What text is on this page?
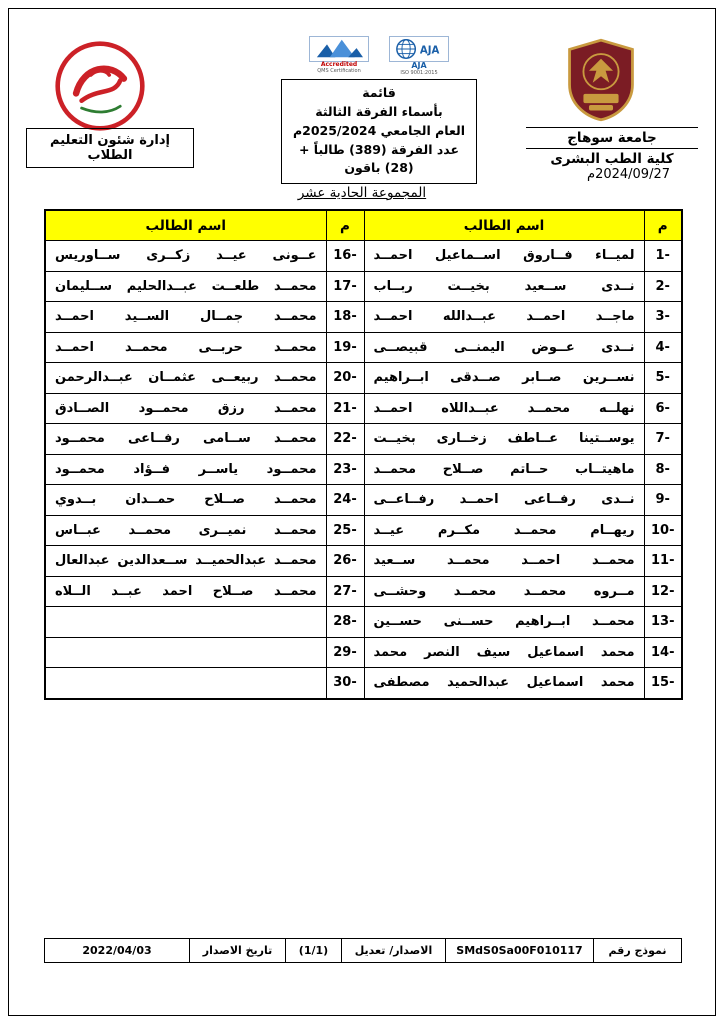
إدارة شئون التعليم الطلاب
Accredited
QMS Certification
AJA
AJA
ISO 9001:2015
قائمة
بأسماء الفرقة الثالثة
العام الجامعي 2025/2024م
عدد الفرقة (389) طالباً +(28) باقون
جامعة سوهاج
كلية الطب البشرى
2024/09/27م
المجموعة الحادية عشر
م	اسم الطالب	م	اسم الطالب
1-	لميــاء فــاروق اســماعيل احمــد	16-	عــونى عيــد زكــرى ســاوريس
2-	نــدى ســعيد بخيــت ربــاب	17-	محمــد طلعــت عبــدالحليم ســليمان
3-	ماجــد احمــد عبــدالله احمــد	18-	محمــد جمــال الســيد احمــد
4-	نــدى عــوض اليمنــى قبيصــى	19-	محمــد حربــى محمــد احمــد
5-	نســرين صــابر صــدقى ابــراهيم	20-	محمــد ربيعــى عثمــان عبــدالرحمن
6-	نهلــه محمــد عبــداللاه احمــد	21-	محمــد رزق محمــود الصــادق
7-	يوســتينا عــاطف زخــارى بخيــت	22-	محمــد ســامى رفــاعى محمــود
8-	ماهيتــاب حــاتم صــلاح محمــد	23-	محمــود ياســر فــؤاد محمــود
9-	نــدى رفــاعى احمــد رفــاعــى	24-	محمــد صــلاح حمــدان بــدوي
10-	ريهــام محمــد مكــرم عيــد	25-	محمــد نميــرى محمــد عبــاس
11-	محمــد احمــد محمــد ســعيد	26-	محمــد عبدالحميــد ســعدالدين عبدالعال
12-	مــروه محمــد محمــد وحشــى	27-	محمــد صــلاح احمد عبــد الــلاه
13-	محمــد ابــراهيم حســنى حســين	28-	
14-	محمد اسماعيل سيف النصر محمد	29-	
15-	محمد اسماعيل عبدالحميد مصطفى	30-	
نموذج رقم	SMdS0Sa00F010117	الاصدار/ تعديل	(1/1)	تاريخ الاصدار	2022/04/03
